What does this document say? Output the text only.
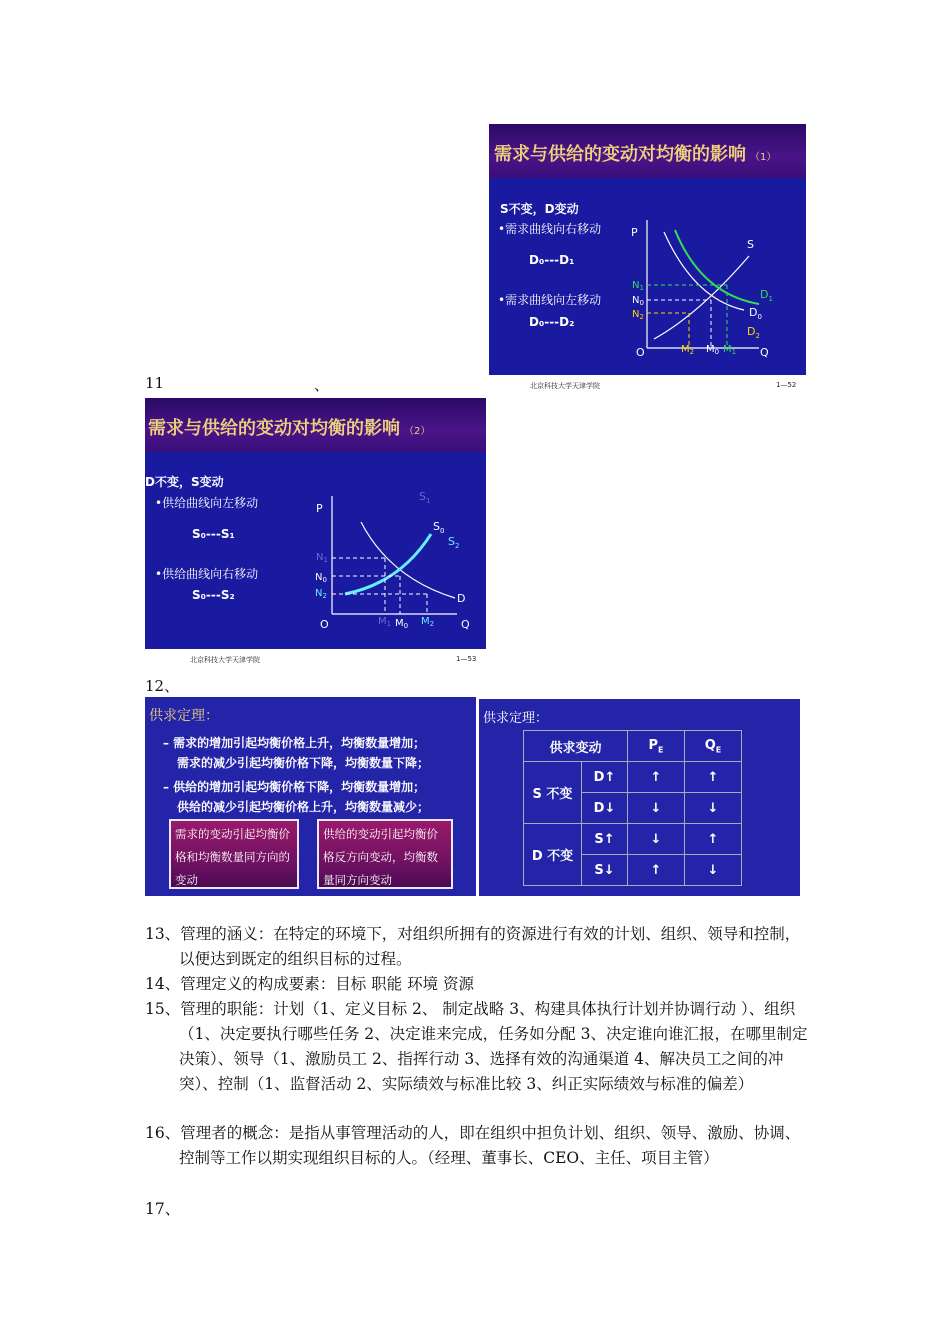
11	、
需求与供给的变动对均衡的影响 （1）
S不变，D变动
•需求曲线向右移动
D₀---D₁
•需求曲线向左移动
D₀---D₂
P
O	Q
S
$D_1$
$D_0$
$D_2$
$N_1$
$N_0$
$N_2$
$M_2$ $M_0$ $M_1$
北京科技大学天津学院	1—52
需求与供给的变动对均衡的影响 （2）
D不变，S变动
•供给曲线向左移动
S₀---S₁
•供给曲线向右移动
S₀---S₂
P
O	Q
D
$S_1$
$S_0$
$S_2$
$N_1$
$N_0$
$N_2$
$M_1$ $M_0$ $M_2$
北京科技大学天津学院	1—53
12、
供求定理：
– 需求的增加引起均衡价格上升，均衡数量增加；
需求的减少引起均衡价格下降，均衡数量下降；
– 供给的增加引起均衡价格下降，均衡数量增加；
供给的减少引起均衡价格上升，均衡数量减少；
需求的变动引起均衡价格和均衡数量同方向的变动
供给的变动引起均衡价格反方向变动，均衡数量同方向变动
供求定理：
供求变动		$P_E$	$Q_E$
S 不变	D↑	↑	↑
	D↓	↓	↓
D 不变	S↑	↓	↑
	S↓	↑	↓
13、管理的涵义：在特定的环境下，对组织所拥有的资源进行有效的计划、组织、领导和控制，以便达到既定的组织目标的过程。
14、管理定义的构成要素：目标 职能 环境 资源
15、管理的职能：计划（1、定义目标 2、 制定战略 3、构建具体执行计划并协调行动 ）、组织（1、决定要执行哪些任务 2、决定谁来完成，任务如分配 3、决定谁向谁汇报，在哪里制定决策）、领导（1、激励员工 2、指挥行动 3、选择有效的沟通渠道 4、解决员工之间的冲突）、控制（1、监督活动 2、实际绩效与标准比较 3、纠正实际绩效与标准的偏差）
16、管理者的概念：是指从事管理活动的人，即在组织中担负计划、组织、领导、激励、协调、控制等工作以期实现组织目标的人。（经理、董事长、CEO、主任、项目主管）
17、
